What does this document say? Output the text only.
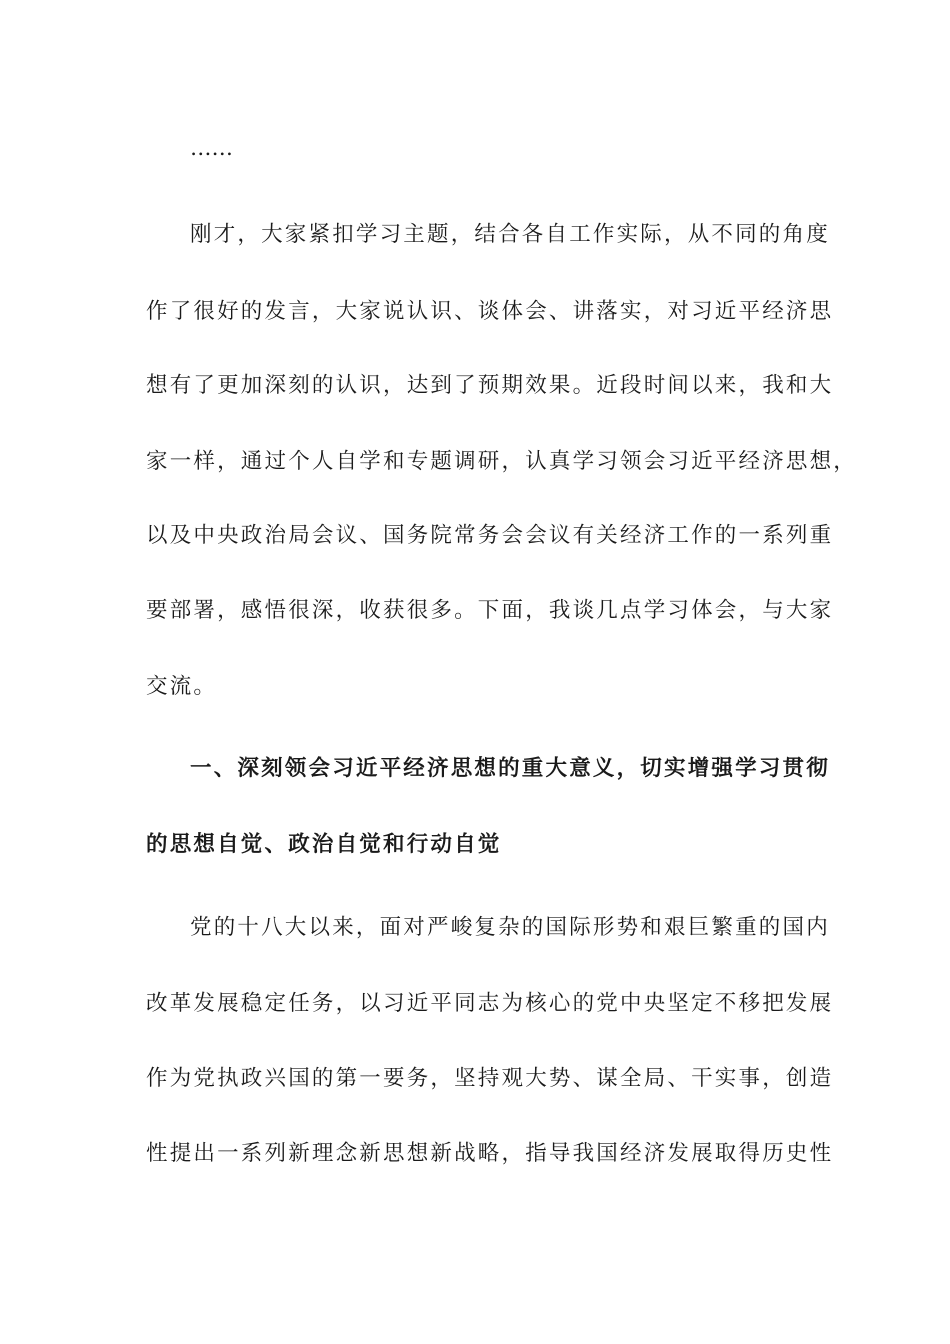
……
刚才，大家紧扣学习主题，结合各自工作实际，从不同的角度
作了很好的发言，大家说认识、谈体会、讲落实，对习近平经济思
想有了更加深刻的认识，达到了预期效果。近段时间以来，我和大
家一样，通过个人自学和专题调研，认真学习领会习近平经济思想，
以及中央政治局会议、国务院常务会会议有关经济工作的一系列重
要部署，感悟很深，收获很多。下面，我谈几点学习体会，与大家
交流。
一、深刻领会习近平经济思想的重大意义，切实增强学习贯彻
的思想自觉、政治自觉和行动自觉
党的十八大以来，面对严峻复杂的国际形势和艰巨繁重的国内
改革发展稳定任务，以习近平同志为核心的党中央坚定不移把发展
作为党执政兴国的第一要务，坚持观大势、谋全局、干实事，创造
性提出一系列新理念新思想新战略，指导我国经济发展取得历史性
